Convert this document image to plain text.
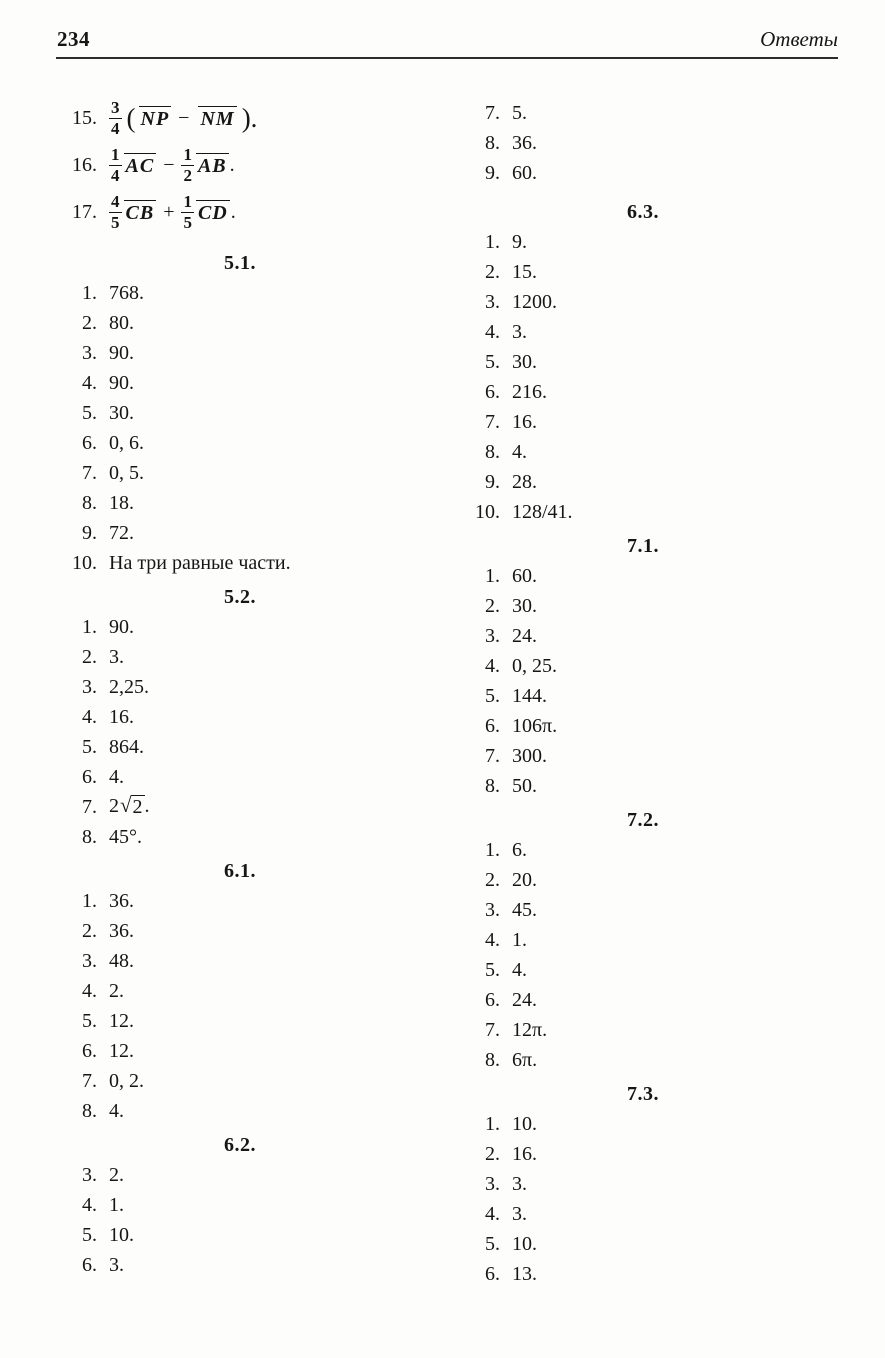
234	Ответы
15. $\frac{3}{4}$ ( NP − NM ).
16. $\frac{1}{4}$ AC − $\frac{1}{2}$ AB .
17. $\frac{4}{5}$ CB + $\frac{1}{5}$ CD .
5.1.
1. 768.
2. 80.
3. 90.
4. 90.
5. 30.
6. 0, 6.
7. 0, 5.
8. 18.
9. 72.
10. На три равные части.
5.2.
1. 90.
2. 3.
3. 2,25.
4. 16.
5. 864.
6. 4.
7. 2 √ 2 .
8. 45°.
6.1.
1. 36.
2. 36.
3. 48.
4. 2.
5. 12.
6. 12.
7. 0, 2.
8. 4.
6.2.
3. 2.
4. 1.
5. 10.
6. 3.
7. 5.
8. 36.
9. 60.
6.3.
1. 9.
2. 15.
3. 1200.
4. 3.
5. 30.
6. 216.
7. 16.
8. 4.
9. 28.
10. 128/41.
7.1.
1. 60.
2. 30.
3. 24.
4. 0, 25.
5. 144.
6. 106π.
7. 300.
8. 50.
7.2.
1. 6.
2. 20.
3. 45.
4. 1.
5. 4.
6. 24.
7. 12π.
8. 6π.
7.3.
1. 10.
2. 16.
3. 3.
4. 3.
5. 10.
6. 13.
